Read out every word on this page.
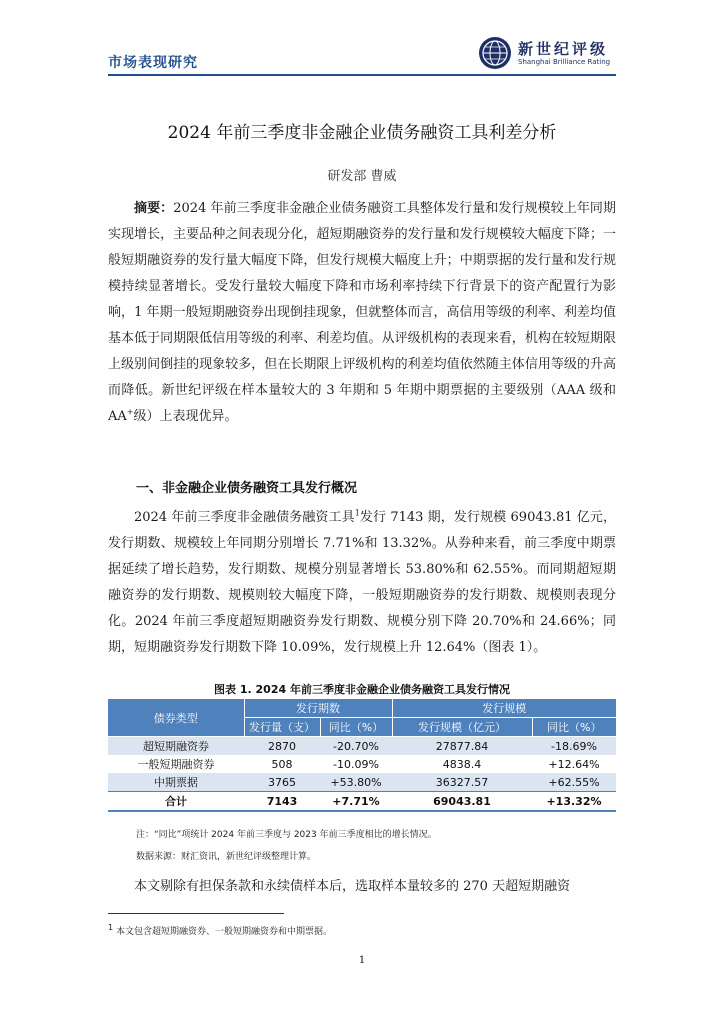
市场表现研究
新世纪评级
Shanghai Brilliance Rating
2024 年前三季度非金融企业债务融资工具利差分析
研发部 曹威
摘要：2024 年前三季度非金融企业债务融资工具整体发行量和发行规模较上年同期实现增长，主要品种之间表现分化，超短期融资券的发行量和发行规模较大幅度下降；一般短期融资券的发行量大幅度下降，但发行规模大幅度上升；中期票据的发行量和发行规模持续显著增长。受发行量较大幅度下降和市场利率持续下行背景下的资产配置行为影响，1 年期一般短期融资券出现倒挂现象，但就整体而言，高信用等级的利率、利差均值基本低于同期限低信用等级的利率、利差均值。从评级机构的表现来看，机构在较短期限上级别间倒挂的现象较多，但在长期限上评级机构的利差均值依然随主体信用等级的升高而降低。新世纪评级在样本量较大的 3 年期和 5 年期中期票据的主要级别（AAA 级和 AA+级）上表现优异。
一、非金融企业债务融资工具发行概况
2024 年前三季度非金融债务融资工具$^1$发行 7143 期，发行规模 69043.81 亿元，发行期数、规模较上年同期分别增长 7.71%和 13.32%。从券种来看，前三季度中期票据延续了增长趋势，发行期数、规模分别显著增长 53.80%和 62.55%。而同期超短期融资券的发行期数、规模则较大幅度下降，一般短期融资券的发行期数、规模则表现分化。2024 年前三季度超短期融资券发行期数、规模分别下降 20.70%和 24.66%；同期，短期融资券发行期数下降 10.09%，发行规模上升 12.64%（图表 1）。
图表 1. 2024 年前三季度非金融企业债务融资工具发行情况
债券类型	发行期数		发行规模	
	发行量（支）	同比（%）	发行规模（亿元）	同比（%）
超短期融资券	2870	-20.70%	27877.84	-18.69%
一般短期融资券	508	-10.09%	4838.4	+12.64%
中期票据	3765	+53.80%	36327.57	+62.55%
合计	7143	+7.71%	69043.81	+13.32%
注：“同比”项统计 2024 年前三季度与 2023 年前三季度相比的增长情况。
数据来源：财汇资讯，新世纪评级整理计算。
本文剔除有担保条款和永续债样本后，选取样本量较多的 270 天超短期融资
$^1$ 本文包含超短期融资券、一般短期融资券和中期票据。
1
